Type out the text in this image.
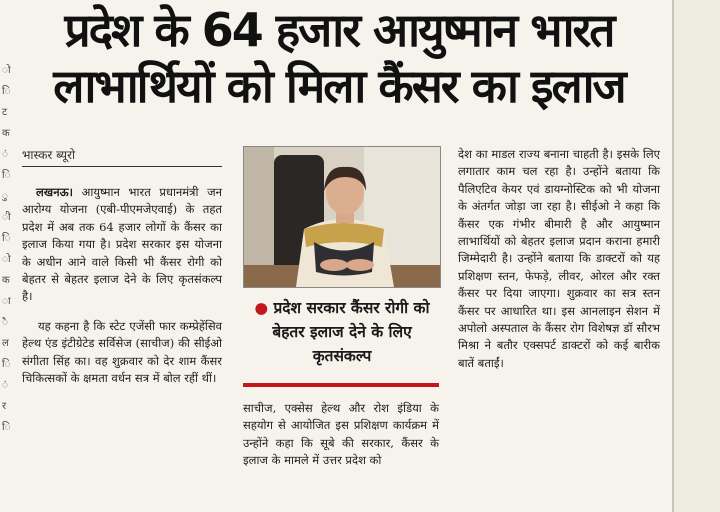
ो
ि
ट
क
ं
ि
ु
ी
ि
ो
क
ा
ै
ल
ि
ं
र
ि
प्रदेश के 64 हजार आयुष्मान भारत
लाभार्थियों को मिला कैंसर का इलाज
भास्कर ब्यूरो

लखनऊ। आयुष्मान भारत प्रधानमंत्री जन आरोग्य योजना (एबी-पीएमजेएवाई) के तहत प्रदेश में अब तक 64 हजार लोगों के कैंसर का इलाज किया गया है। प्रदेश सरकार इस योजना के अधीन आने वाले किसी भी कैंसर रोगी को बेहतर से बेहतर इलाज देने के लिए कृतसंकल्प है।

यह कहना है कि स्टेट एजेंसी फार कम्प्रेहेंसिव हेल्थ एंड इंटीग्रेटेड सर्विसेज (साचीज) की सीईओ संगीता सिंह का। वह शुक्रवार को देर शाम कैंसर चिकित्सकों के क्षमता वर्धन सत्र में बोल रहीं थीं।

● प्रदेश सरकार कैंसर रोगी को बेहतर इलाज देने के लिए कृतसंकल्प
साचीज, एक्सेस हेल्थ और रोश इंडिया के सहयोग से आयोजित इस प्रशिक्षण कार्यक्रम में उन्होंने कहा कि सूबे की सरकार, कैंसर के इलाज के मामले में उत्तर प्रदेश को
देश का माडल राज्य बनाना चाहती है। इसके लिए लगातार काम चल रहा है। उन्होंने बताया कि पैलिएटिव केयर एवं डायग्नोस्टिक को भी योजना के अंतर्गत जोड़ा जा रहा है। सीईओ ने कहा कि कैंसर एक गंभीर बीमारी है और आयुष्मान लाभार्थियों को बेहतर इलाज प्रदान कराना हमारी जिम्मेदारी है। उन्होंने बताया कि डाक्टरों को यह प्रशिक्षण स्तन, फेफड़े, लीवर, ओरल और रक्त कैंसर पर दिया जाएगा। शुक्रवार का सत्र स्तन कैंसर पर आधारित था। इस आनलाइन सेशन में अपोलो अस्पताल के कैंसर रोग विशेषज्ञ डॉ सौरभ मिश्रा ने बतौर एक्सपर्ट डाक्टरों को कई बारीक बातें बताईं।
